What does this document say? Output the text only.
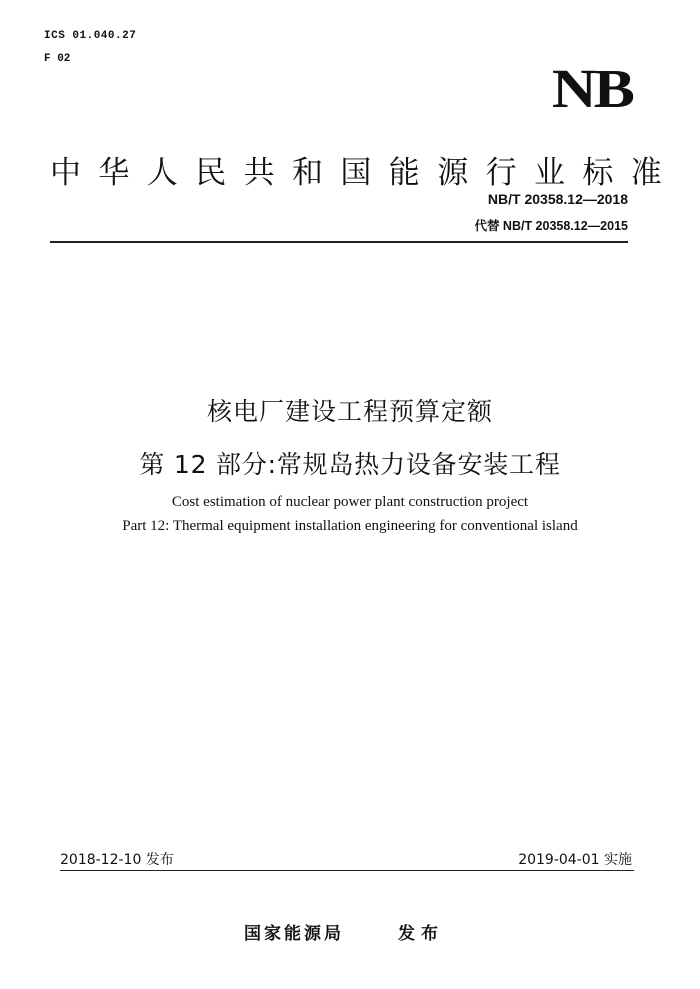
ICS 01.040.27
F 02
NB
中华人民共和国能源行业标准
NB/T 20358.12—2018
代替 NB/T 20358.12—2015
核电厂建设工程预算定额
第 12 部分:常规岛热力设备安装工程
Cost estimation of nuclear power plant construction project
Part 12: Thermal equipment installation engineering for conventional island
2018-12-10 发布	2019-04-01 实施
国家能源局	发布
